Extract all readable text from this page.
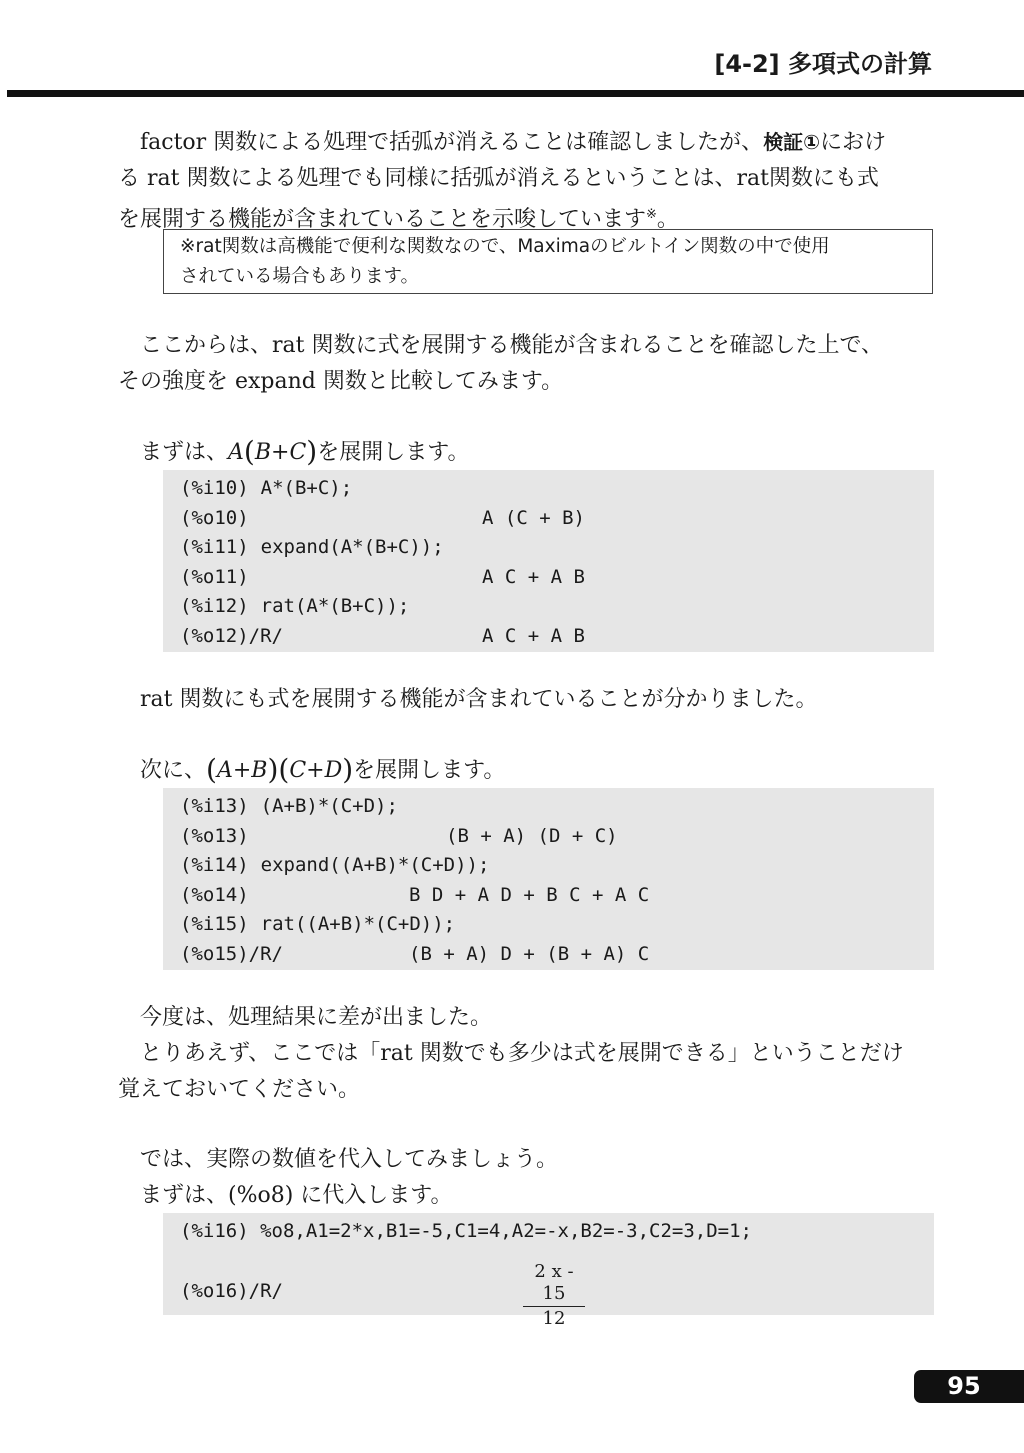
[4-2] 多項式の計算

factor 関数による処理で括弧が消えることは確認しましたが、検証①におけ
る rat 関数による処理でも同様に括弧が消えるということは、rat関数にも式
を展開する機能が含まれていることを示唆しています※。

※rat関数は高機能で便利な関数なので、Maximaのビルトイン関数の中で使用
されている場合もあります。

ここからは、rat 関数に式を展開する機能が含まれることを確認した上で、
その強度を expand 関数と比較してみます。

まずは、A(B+C)を展開します。

(%i10) A*(B+C);
(%o10)	A (C + B)
(%i11) expand(A*(B+C));
(%o11)	A C + A B
(%i12) rat(A*(B+C));
(%o12)/R/	A C + A B

rat 関数にも式を展開する機能が含まれていることが分かりました。

次に、(A+B)(C+D)を展開します。

(%i13) (A+B)*(C+D);
(%o13)	(B + A) (D + C)
(%i14) expand((A+B)*(C+D));
(%o14)	B D + A D + B C + A C
(%i15) rat((A+B)*(C+D));
(%o15)/R/	(B + A) D + (B + A) C

今度は、処理結果に差が出ました。
とりあえず、ここでは「rat 関数でも多少は式を展開できる」ということだけ
覚えておいてください。

では、実際の数値を代入してみましょう。
まずは、(%o8) に代入します。

(%i16) %o8,A1=2*x,B1=-5,C1=4,A2=-x,B2=-3,C2=3,D=1;
(%o16)/R/	$\frac{2 x - 15}{12}$
95
